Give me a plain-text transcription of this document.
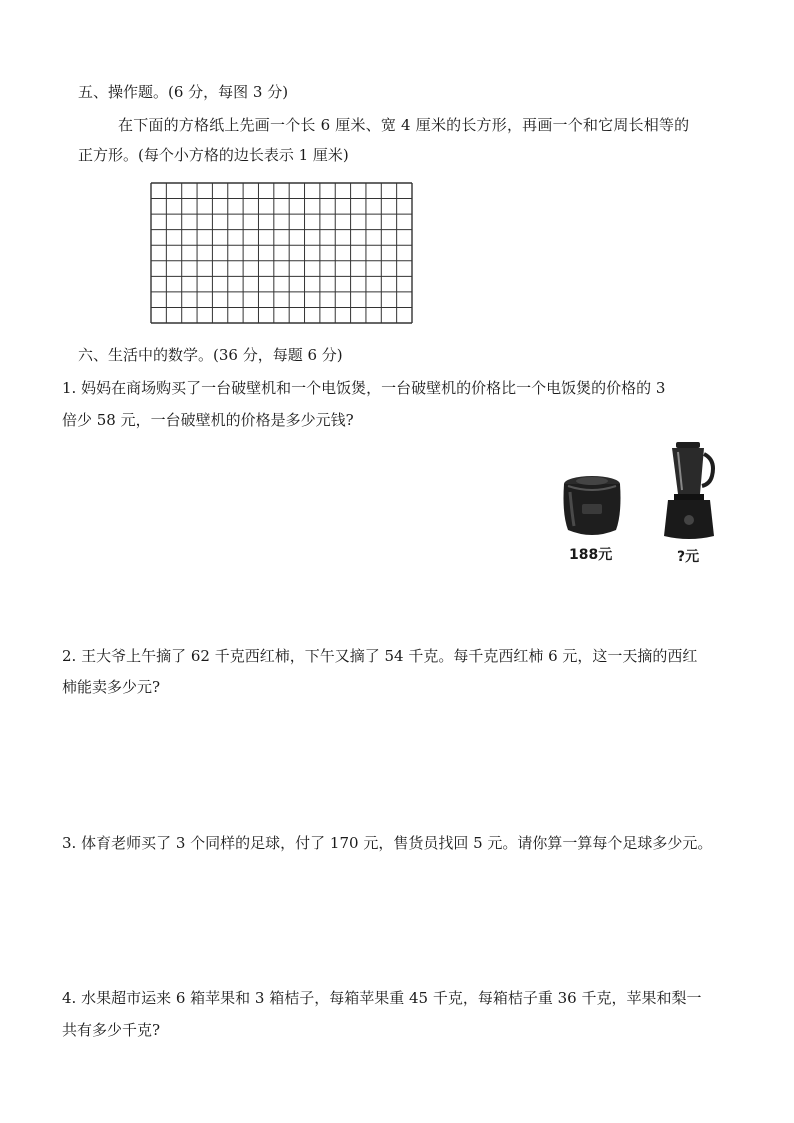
五、操作题。(6 分，每图 3 分)
在下面的方格纸上先画一个长 6 厘米、宽 4 厘米的长方形，再画一个和它周长相等的
正方形。(每个小方格的边长表示 1 厘米)
六、生活中的数学。(36 分，每题 6 分)
1. 妈妈在商场购买了一台破壁机和一个电饭煲，一台破壁机的价格比一个电饭煲的价格的 3
倍少 58 元，一台破壁机的价格是多少元钱?
188元	?元
2. 王大爷上午摘了 62 千克西红柿，下午又摘了 54 千克。每千克西红柿 6 元，这一天摘的西红
柿能卖多少元?
3. 体育老师买了 3 个同样的足球，付了 170 元，售货员找回 5 元。请你算一算每个足球多少元。
4. 水果超市运来 6 箱苹果和 3 箱桔子，每箱苹果重 45 千克，每箱桔子重 36 千克，苹果和梨一
共有多少千克?
